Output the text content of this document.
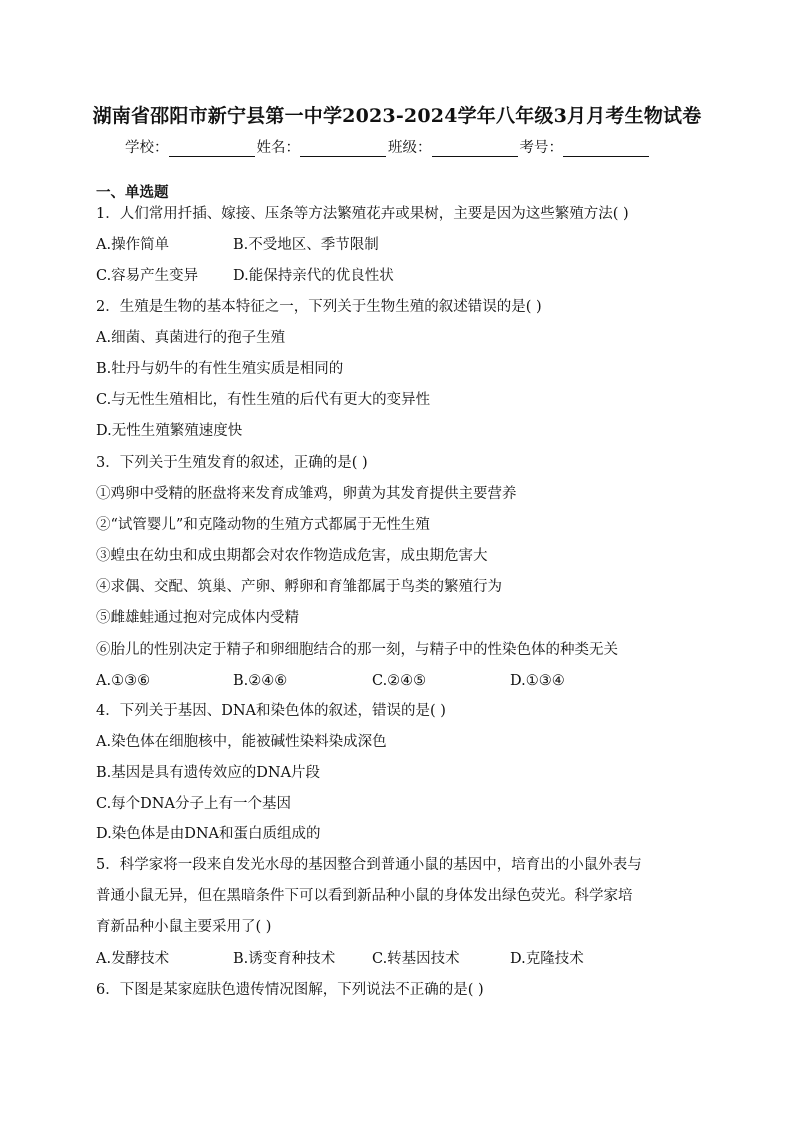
湖南省邵阳市新宁县第一中学2023-2024学年八年级3月月考生物试卷
学校：	姓名：	班级：	考号：
一、单选题
1．人们常用扦插、嫁接、压条等方法繁殖花卉或果树，主要是因为这些繁殖方法( )
A.操作简单	B.不受地区、季节限制
C.容易产生变异 D.能保持亲代的优良性状
2．生殖是生物的基本特征之一，下列关于生物生殖的叙述错误的是( )
A.细菌、真菌进行的孢子生殖
B.牡丹与奶牛的有性生殖实质是相同的
C.与无性生殖相比，有性生殖的后代有更大的变异性
D.无性生殖繁殖速度快
3．下列关于生殖发育的叙述，正确的是( )
①鸡卵中受精的胚盘将来发育成雏鸡，卵黄为其发育提供主要营养
②“试管婴儿”和克隆动物的生殖方式都属于无性生殖
③蝗虫在幼虫和成虫期都会对农作物造成危害，成虫期危害大
④求偶、交配、筑巢、产卵、孵卵和育雏都属于鸟类的繁殖行为
⑤雌雄蛙通过抱对完成体内受精
⑥胎儿的性别决定于精子和卵细胞结合的那一刻，与精子中的性染色体的种类无关
A.①③⑥	B.②④⑥	C.②④⑤	D.①③④
4．下列关于基因、DNA和染色体的叙述，错误的是( )
A.染色体在细胞核中，能被碱性染料染成深色
B.基因是具有遗传效应的DNA片段
C.每个DNA分子上有一个基因
D.染色体是由DNA和蛋白质组成的
5．科学家将一段来自发光水母的基因整合到普通小鼠的基因中，培育出的小鼠外表与
普通小鼠无异，但在黑暗条件下可以看到新品种小鼠的身体发出绿色荧光。科学家培
育新品种小鼠主要采用了( )
A.发酵技术	B.诱变育种技术	C.转基因技术	D.克隆技术
6．下图是某家庭肤色遗传情况图解，下列说法不正确的是( )
